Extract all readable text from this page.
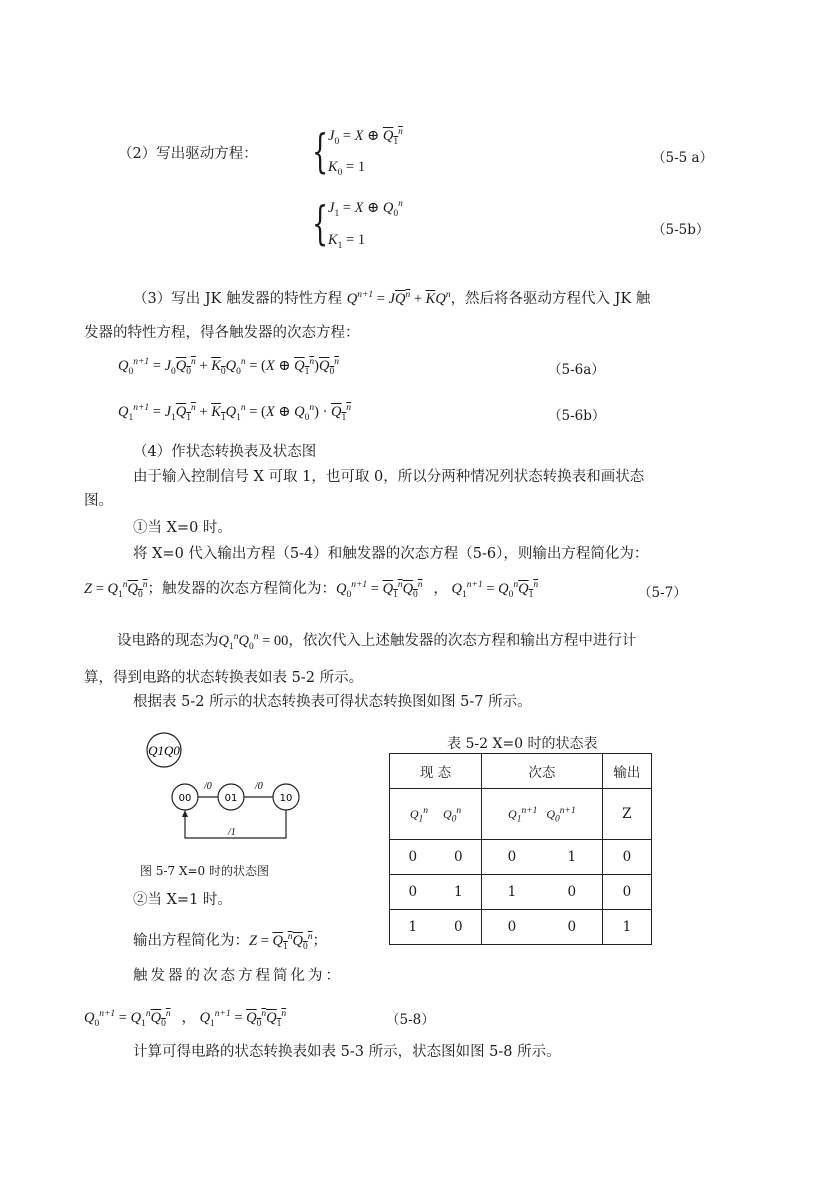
（2）写出驱动方程： { $J_0 = X$ ⊕ $Q_1^n$
$K_0 = 1$
（5-5 a）
{ $J_1 = X$ ⊕ $Q_0^n$
$K_1 = 1$
（5-5b）
（3）写出 JK 触发器的特性方程 $Q^{n+1} = JQ^n + \overline{K}Q^n$，然后将各驱动方程代入 JK 触
发器的特性方程，得各触发器的次态方程：
$Q_0^{n+1} = J_0Q_0^n + K_0Q_0^n = (X$ ⊕ $Q_1^n)Q_0^n$	（5-6a）
$Q_1^{n+1} = J_1Q_1^n + K_1Q_1^n = (X$ ⊕ $Q_0^n) \cdot Q_1^n$	（5-6b）
（4）作状态转换表及状态图
由于输入控制信号 X 可取 1，也可取 0，所以分两种情况列状态转换表和画状态
图。
①当 X=0 时。
将 X=0 代入输出方程（5-4）和触发器的次态方程（5-6），则输出方程简化为：
$Z = Q_1^nQ_0^n$；触发器的次态方程简化为：$Q_0^{n+1} = Q_1^nQ_0^n$   ， $Q_1^{n+1} = Q_0^nQ_1^n$	（5-7）
设电路的现态为$Q_1^nQ_0^n = 00$，依次代入上述触发器的次态方程和输出方程中进行计
算，得到电路的状态转换表如表 5-2 所示。
根据表 5-2 所示的状态转换表可得状态转换图如图 5-7 所示。
Q1Q0
00	01	10
/0	/0
/1
图 5-7 X=0 时的状态图
表 5-2 X=0 时的状态表
现 态		次态		输出
$Q_1^n$     $Q_0^n$		$Q_1^{n+1}$   $Q_0^{n+1}$		Z
0	0	0	1	0
0	1	1	0	0
1	0	0	0	1
②当 X=1 时。
输出方程简化为：$Z = Q_1^nQ_0^n$；
触发器的次态方程简化为：
$Q_0^{n+1} = Q_1^nQ_0^n$   ， $Q_1^{n+1} = Q_0^nQ_1^n$	（5-8）
计算可得电路的状态转换表如表 5-3 所示，状态图如图 5-8 所示。
